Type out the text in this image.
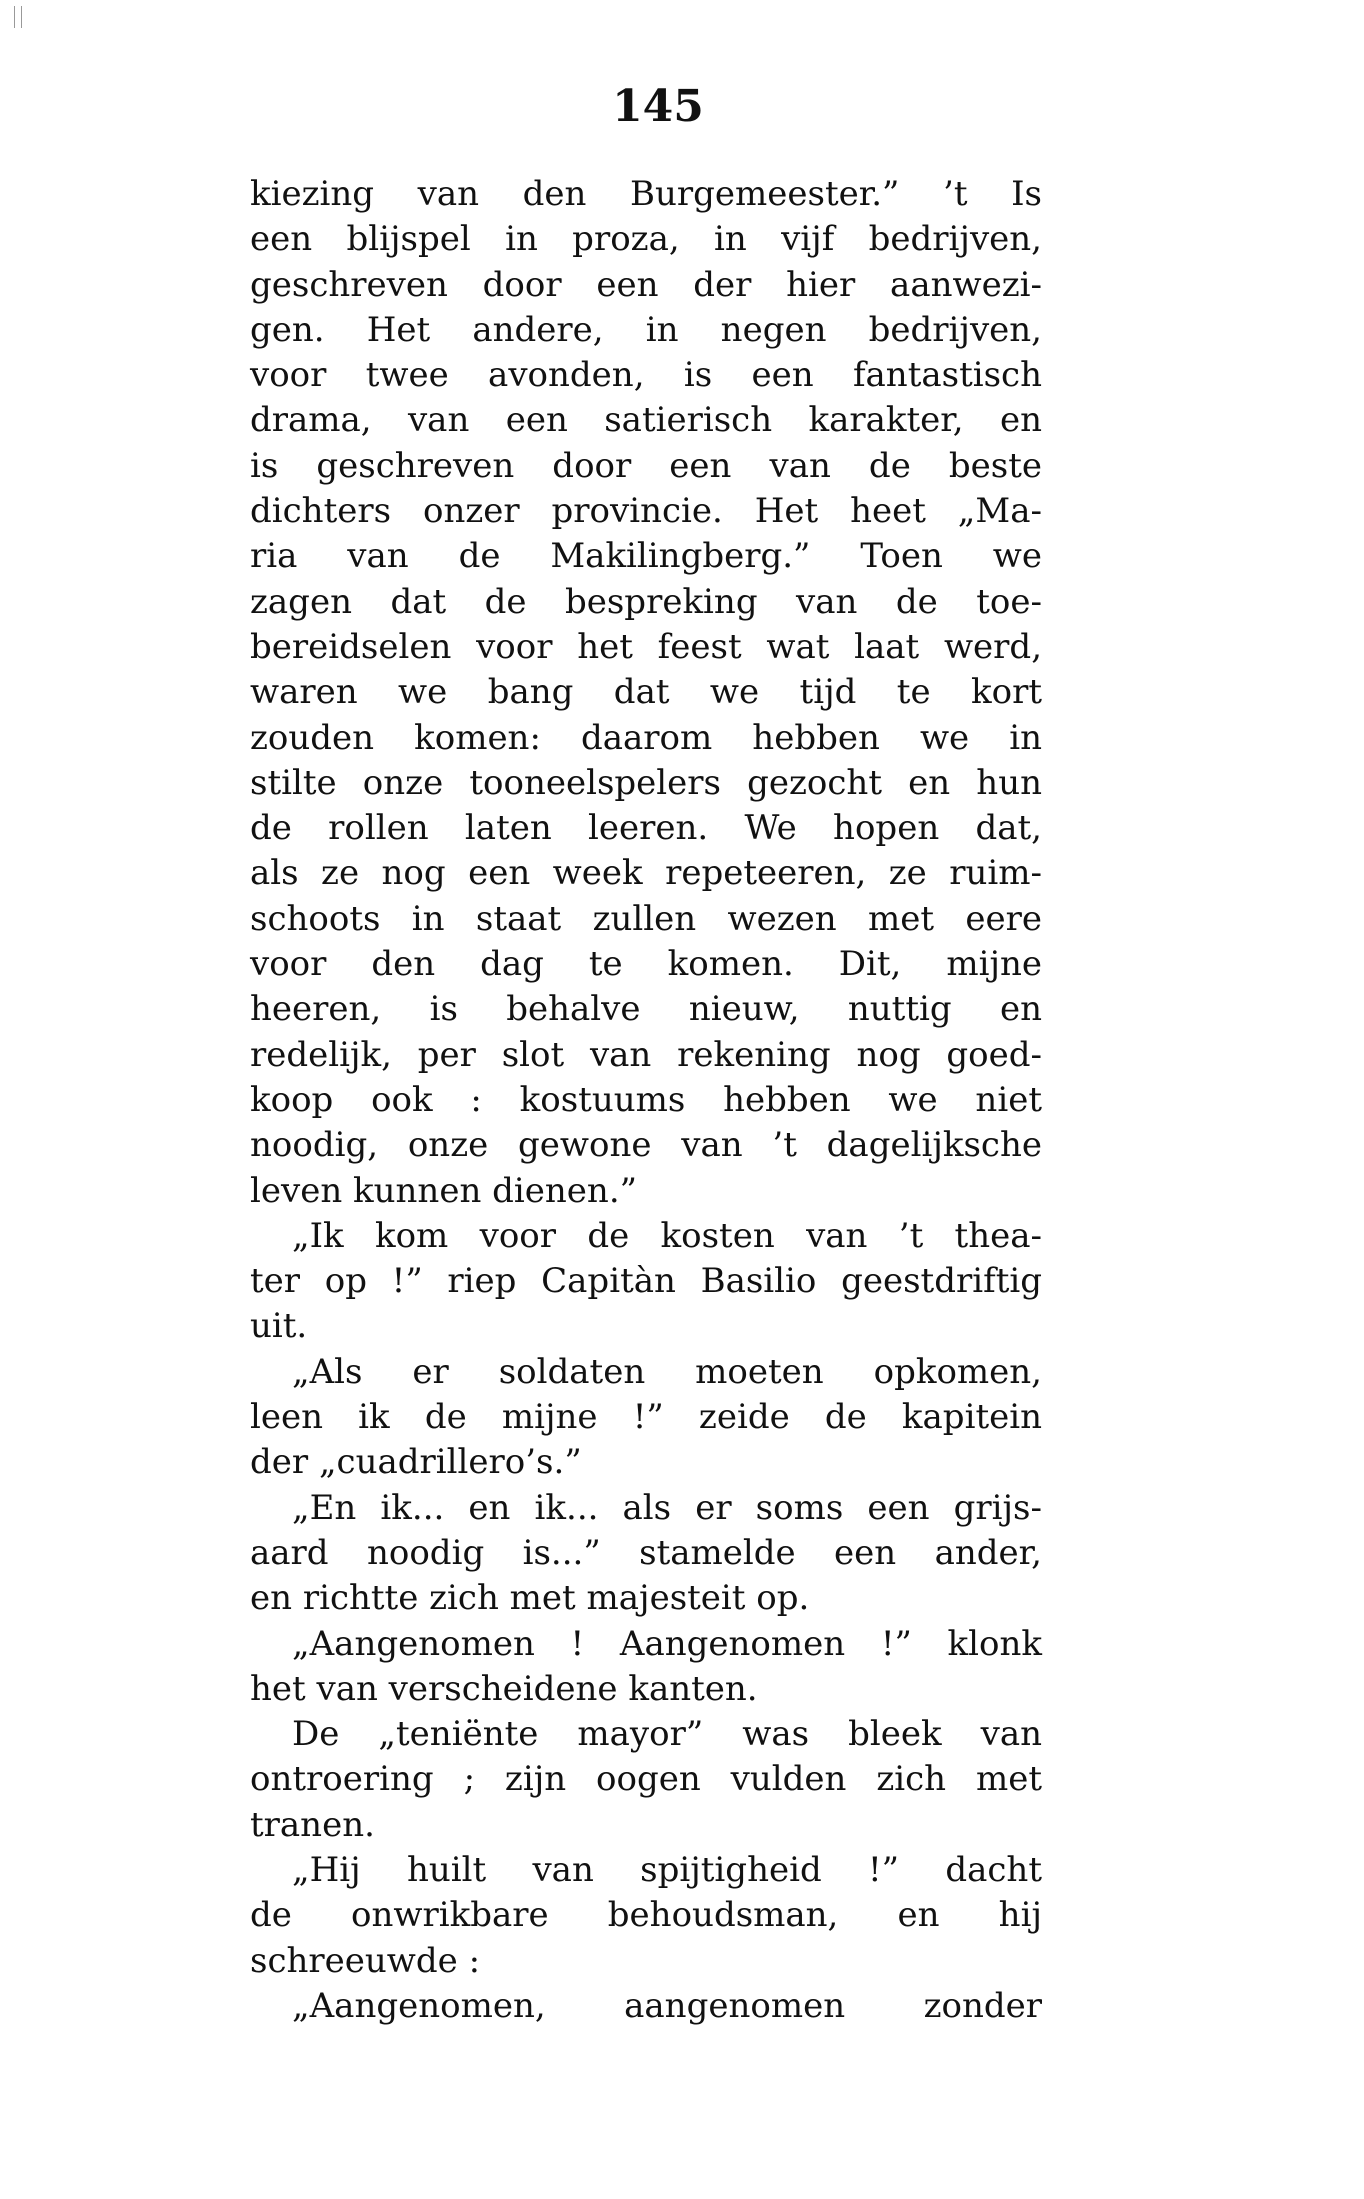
145
kiezing van den Burgemeester.” ’t Is
een blijspel in proza, in vijf bedrijven,
geschreven door een der hier aanwezi-
gen. Het andere, in negen bedrijven,
voor twee avonden, is een fantastisch
drama, van een satierisch karakter, en
is geschreven door een van de beste
dichters onzer provincie. Het heet „Ma-
ria van de Makilingberg.” Toen we
zagen dat de bespreking van de toe-
bereidselen voor het feest wat laat werd,
waren we bang dat we tijd te kort
zouden komen: daarom hebben we in
stilte onze tooneelspelers gezocht en hun
de rollen laten leeren. We hopen dat,
als ze nog een week repeteeren, ze ruim-
schoots in staat zullen wezen met eere
voor den dag te komen. Dit, mijne
heeren, is behalve nieuw, nuttig en
redelijk, per slot van rekening nog goed-
koop ook : kostuums hebben we niet
noodig, onze gewone van ’t dagelijksche
leven kunnen dienen.”
„Ik kom voor de kosten van ’t thea-
ter op !” riep Capitàn Basilio geestdriftig
uit.
„Als er soldaten moeten opkomen,
leen ik de mijne !” zeide de kapitein
der „cuadrillero’s.”
„En ik... en ik... als er soms een grijs-
aard noodig is...” stamelde een ander,
en richtte zich met majesteit op.
„Aangenomen ! Aangenomen !” klonk
het van verscheidene kanten.
De „teniënte mayor” was bleek van
ontroering ; zijn oogen vulden zich met
tranen.
„Hij huilt van spijtigheid !” dacht
de onwrikbare behoudsman, en hij
schreeuwde :
„Aangenomen, aangenomen zonder
